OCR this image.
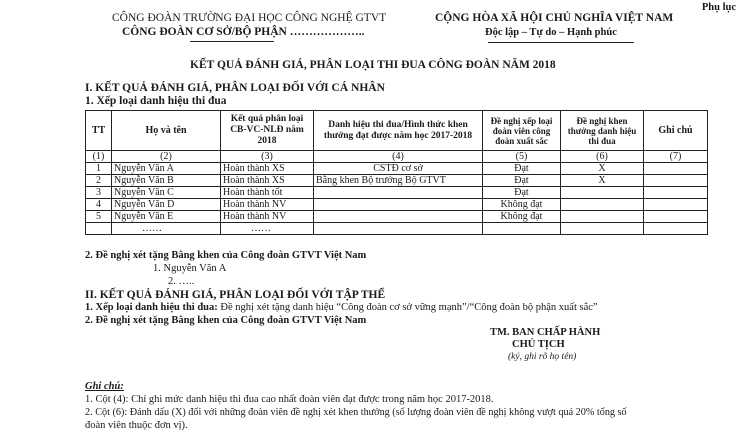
Phụ lục
CÔNG ĐOÀN TRƯỜNG ĐẠI HỌC CÔNG NGHỆ GTVT
CÔNG ĐOÀN CƠ SỞ/BỘ PHẬN ………………..
CỘNG HÒA XÃ HỘI CHỦ NGHĨA VIỆT NAM
Độc lập – Tự do – Hạnh phúc
KẾT QUẢ ĐÁNH GIÁ, PHÂN LOẠI THI ĐUA CÔNG ĐOÀN NĂM 2018
I. KẾT QUẢ ĐÁNH GIÁ, PHÂN LOẠI ĐỐI VỚI CÁ NHÂN
1. Xếp loại danh hiệu thi đua
TT	Họ và tên	Kết quả phân loại CB-VC-NLĐ năm 2018	Danh hiệu thi đua/Hình thức khen thưởng đạt được năm học 2017-2018	Đề nghị xếp loại đoàn viên công đoàn xuất sắc	Đề nghị khen thưởng danh hiệu thi đua	Ghi chú
(1)	(2)	(3)	(4)	(5)	(6)	(7)
1	Nguyễn Văn A	Hoàn thành XS	CSTĐ cơ sở	Đạt	X	
2	Nguyễn Văn B	Hoàn thành XS	Bằng khen Bộ trưởng Bộ GTVT	Đạt	X	
3	Nguyễn Văn C	Hoàn thành tốt		Đạt		
4	Nguyễn Văn D	Hoàn thành NV		Không đạt		
5	Nguyễn Văn E	Hoàn thành NV		Không đạt		
	……	……				
2. Đề nghị xét tặng Bằng khen của Công đoàn GTVT Việt Nam
1. Nguyễn Văn A
2. …..
II. KẾT QUẢ ĐÁNH GIÁ, PHÂN LOẠI ĐỐI VỚI TẬP THỂ
1. Xếp loại danh hiệu thi đua: Đề nghị xét tặng danh hiệu “Công đoàn cơ sở vững mạnh”/“Công đoàn bộ phận xuất sắc”
2. Đề nghị xét tặng Bằng khen của Công đoàn GTVT Việt Nam
TM. BAN CHẤP HÀNH
CHỦ TỊCH
(ký, ghi rõ họ tên)
Ghi chú:
1. Cột (4): Chỉ ghi mức danh hiệu thi đua cao nhất đoàn viên đạt được trong năm học 2017-2018.
2. Cột (6): Đánh dấu (X) đối với những đoàn viên đề nghị xét khen thưởng (số lượng đoàn viên đề nghị không vượt quá 20% tổng số
đoàn viên thuộc đơn vị).
